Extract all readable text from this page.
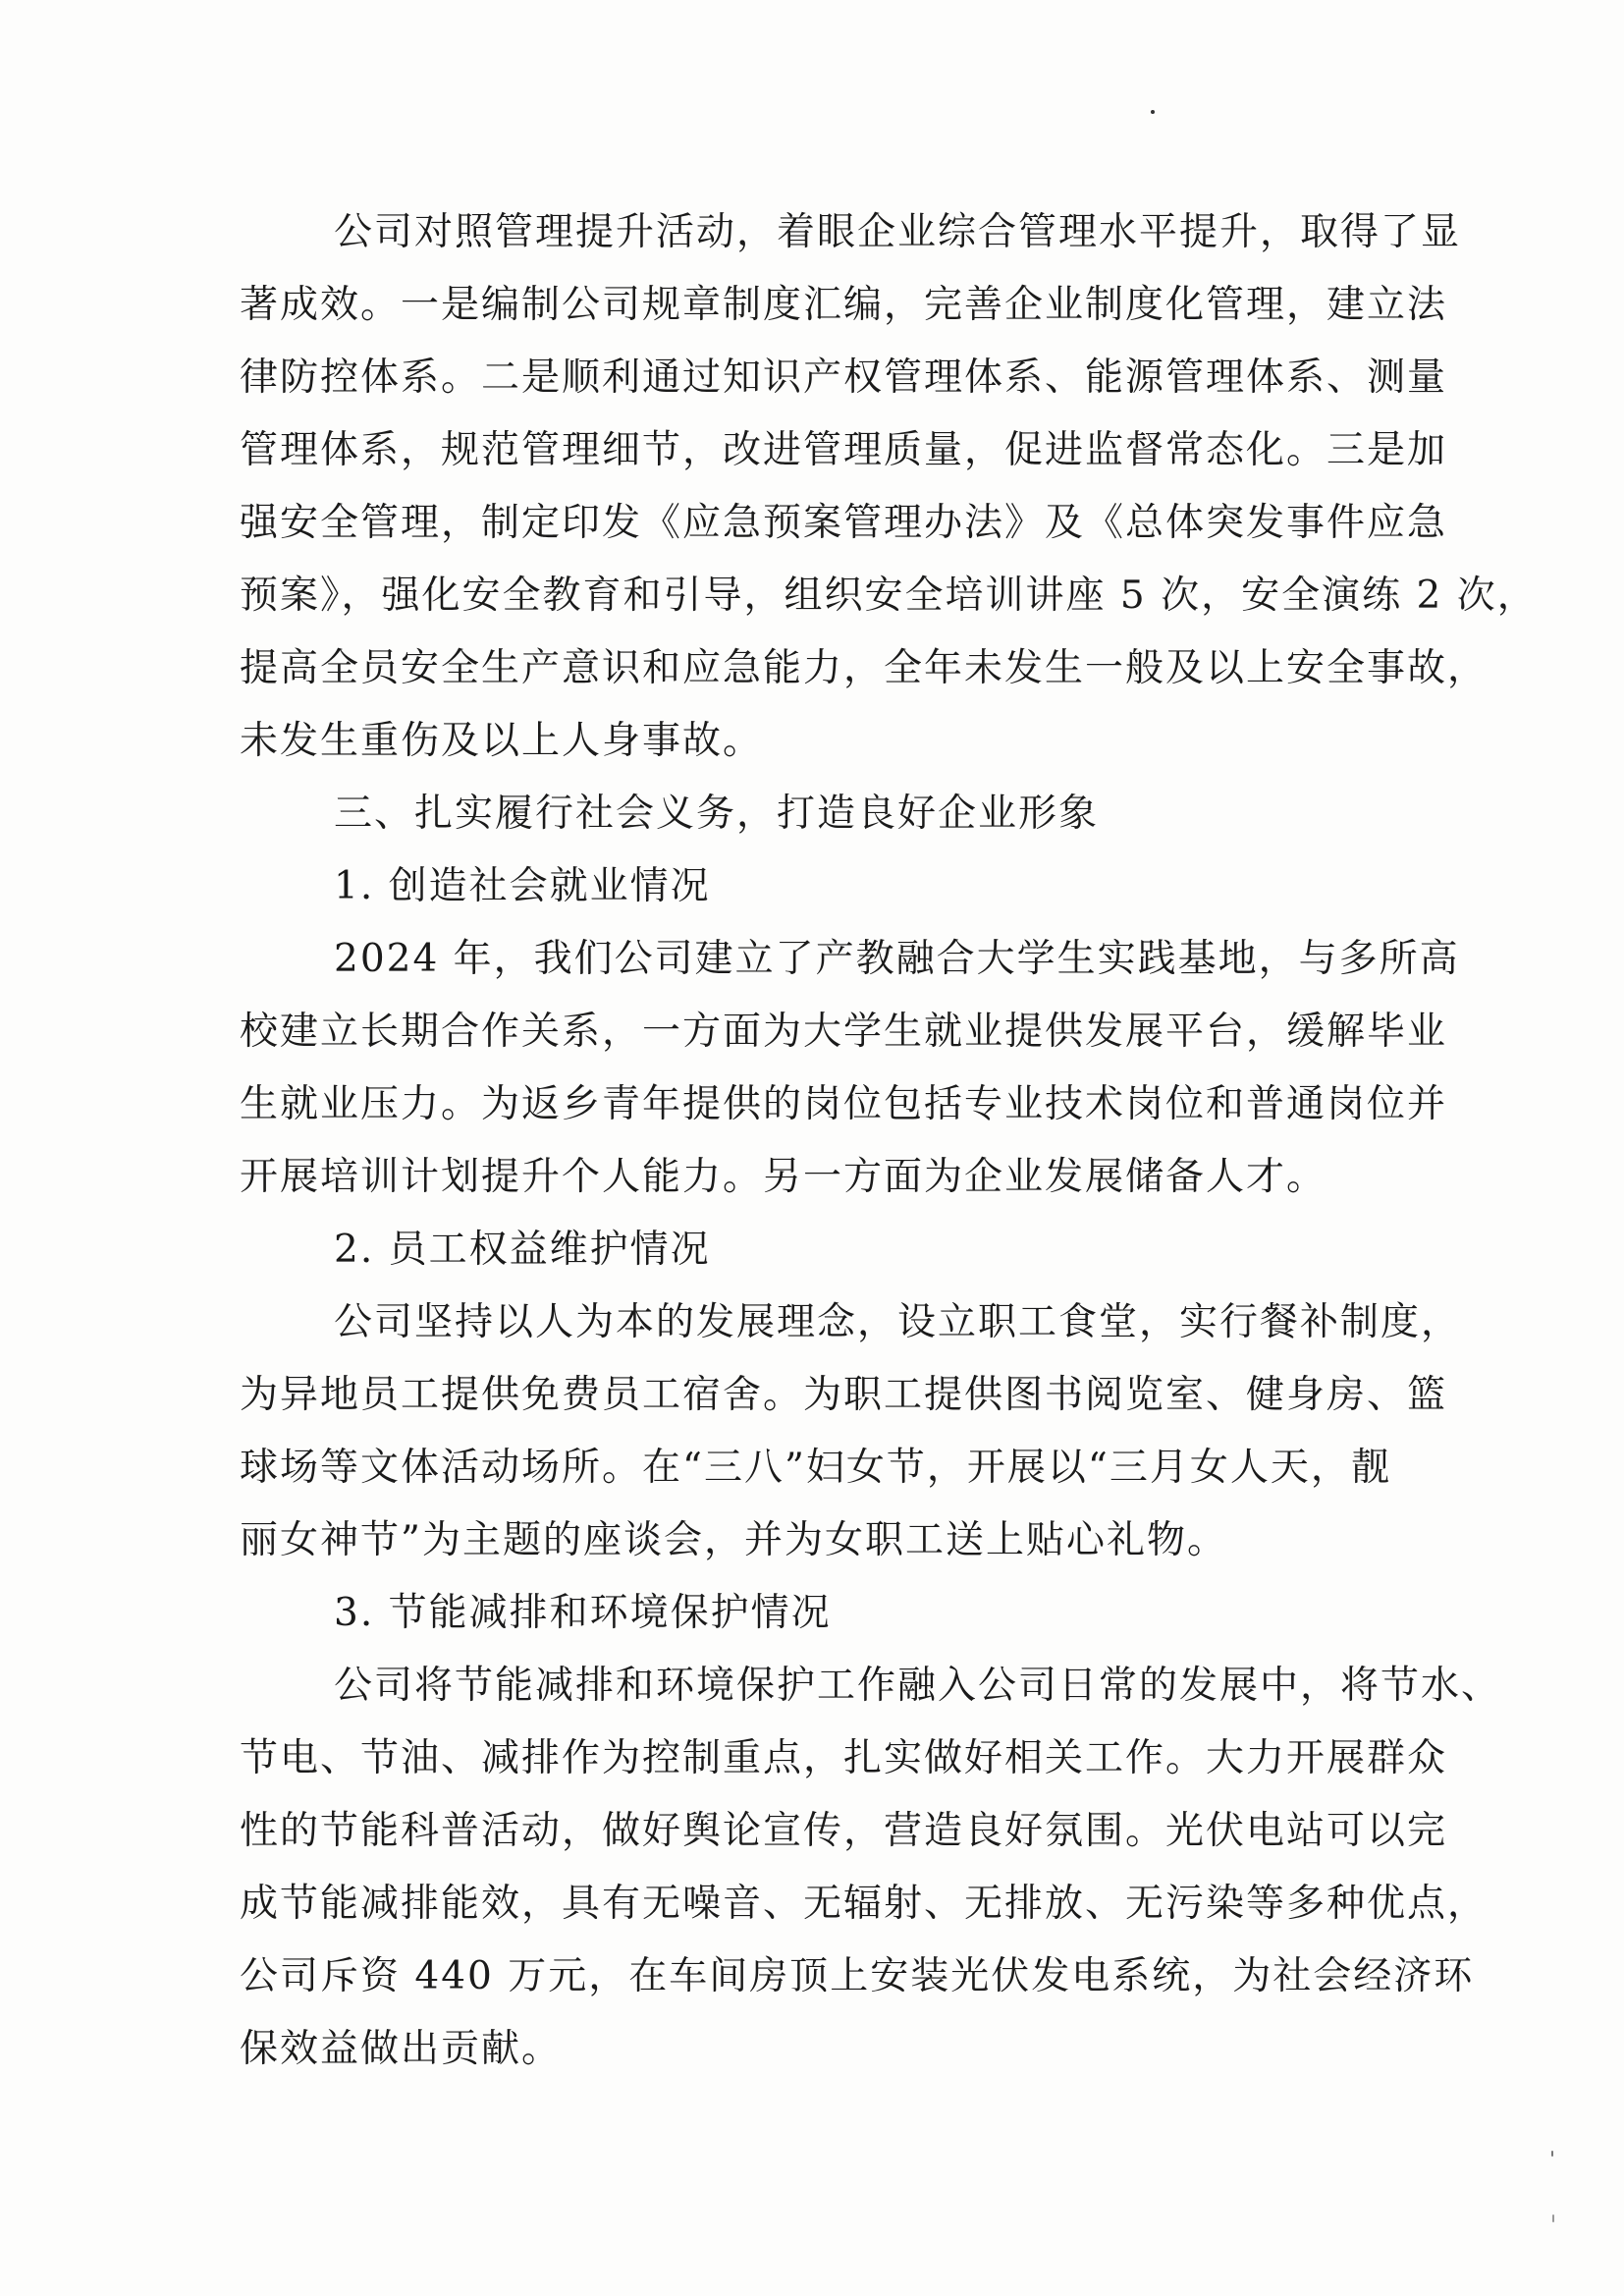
公司对照管理提升活动，着眼企业综合管理水平提升，取得了显
著成效。一是编制公司规章制度汇编，完善企业制度化管理，建立法
律防控体系。二是顺利通过知识产权管理体系、能源管理体系、测量
管理体系，规范管理细节，改进管理质量，促进监督常态化。三是加
强安全管理，制定印发《应急预案管理办法》及《总体突发事件应急
预案》，强化安全教育和引导，组织安全培训讲座 5 次，安全演练 2 次，
提高全员安全生产意识和应急能力，全年未发生一般及以上安全事故，
未发生重伤及以上人身事故。
三、扎实履行社会义务，打造良好企业形象
1. 创造社会就业情况
2024 年，我们公司建立了产教融合大学生实践基地，与多所高
校建立长期合作关系，一方面为大学生就业提供发展平台，缓解毕业
生就业压力。为返乡青年提供的岗位包括专业技术岗位和普通岗位并
开展培训计划提升个人能力。另一方面为企业发展储备人才。
2. 员工权益维护情况
公司坚持以人为本的发展理念，设立职工食堂，实行餐补制度，
为异地员工提供免费员工宿舍。为职工提供图书阅览室、健身房、篮
球场等文体活动场所。在“三八”妇女节，开展以“三月女人天，靓
丽女神节”为主题的座谈会，并为女职工送上贴心礼物。
3. 节能减排和环境保护情况
公司将节能减排和环境保护工作融入公司日常的发展中，将节水、
节电、节油、减排作为控制重点，扎实做好相关工作。大力开展群众
性的节能科普活动，做好舆论宣传，营造良好氛围。光伏电站可以完
成节能减排能效，具有无噪音、无辐射、无排放、无污染等多种优点，
公司斥资 440 万元，在车间房顶上安装光伏发电系统，为社会经济环
保效益做出贡献。
